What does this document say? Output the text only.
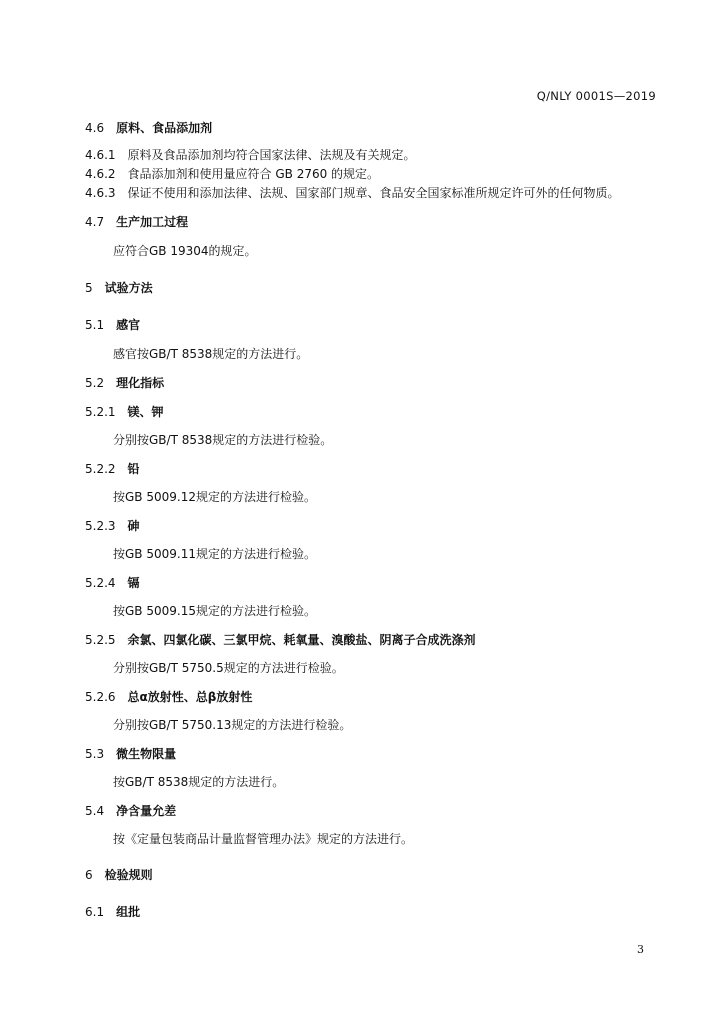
Q/NLY 0001S—2019
4.6 原料、食品添加剂
4.6.1 原料及食品添加剂均符合国家法律、法规及有关规定。
4.6.2 食品添加剂和使用量应符合 GB 2760 的规定。
4.6.3 保证不使用和添加法律、法规、国家部门规章、食品安全国家标准所规定许可外的任何物质。
4.7 生产加工过程
应符合GB 19304的规定。
5 试验方法
5.1 感官
感官按GB/T 8538规定的方法进行。
5.2 理化指标
5.2.1 镁、钾
分别按GB/T 8538规定的方法进行检验。
5.2.2 铅
按GB 5009.12规定的方法进行检验。
5.2.3 砷
按GB 5009.11规定的方法进行检验。
5.2.4 镉
按GB 5009.15规定的方法进行检验。
5.2.5 余氯、四氯化碳、三氯甲烷、耗氧量、溴酸盐、阴离子合成洗涤剂
分别按GB/T 5750.5规定的方法进行检验。
5.2.6 总α放射性、总β放射性
分别按GB/T 5750.13规定的方法进行检验。
5.3 微生物限量
按GB/T 8538规定的方法进行。
5.4 净含量允差
按《定量包装商品计量监督管理办法》规定的方法进行。
6 检验规则
6.1 组批
3
